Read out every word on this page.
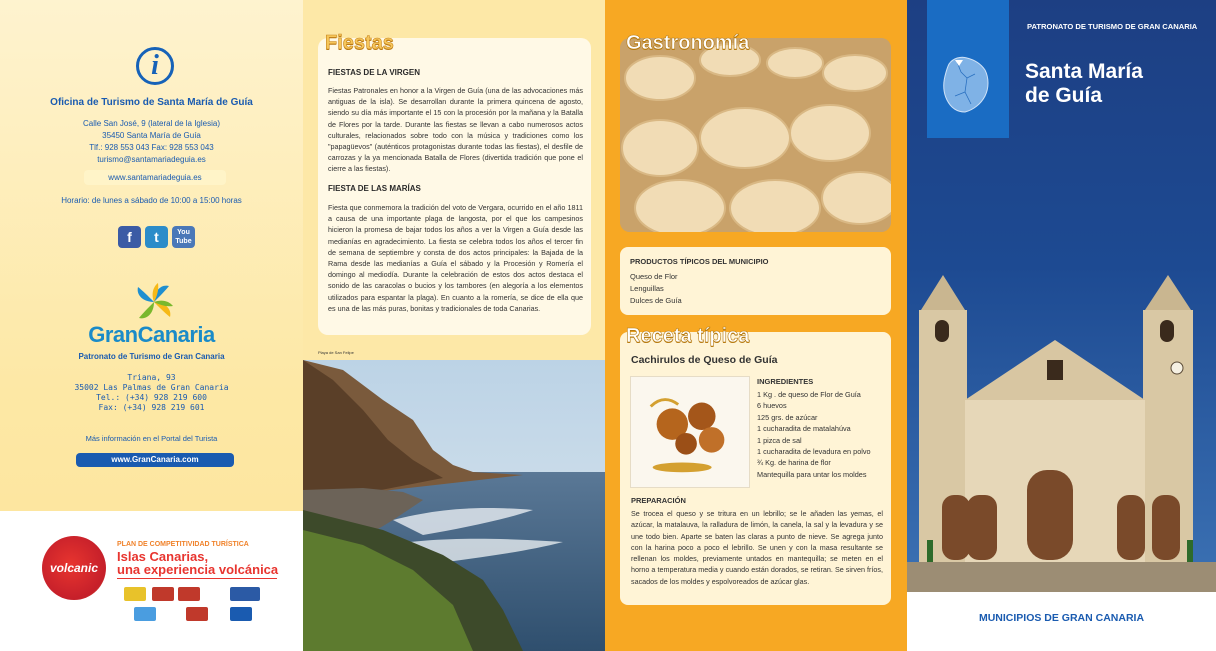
i
Oficina de Turismo de Santa María de Guía
Calle San José, 9 (lateral de la Iglesia)
35450 Santa María de Guía
Tlf.: 928 553 043 Fax: 928 553 043
turismo@santamariadeguia.es
www.santamariadeguia.es
Horario: de lunes a sábado de 10:00 a 15:00 horas
f	t	You Tube
GranCanaria
Patronato de Turismo de Gran Canaria
Triana, 93
35002 Las Palmas de Gran Canaria
Tel.: (+34) 928 219 600
Fax: (+34) 928 219 601
Más información en el Portal del Turista
www.GranCanaria.com
volcanic
PLAN DE COMPETITIVIDAD TURÍSTICA
Islas Canarias,
una experiencia volcánica
Fiestas
FIESTAS DE LA VIRGEN
Fiestas Patronales en honor a la Virgen de Guía (una de las advocaciones más antiguas de la isla). Se desarrollan durante la primera quincena de agosto, siendo su día más importante el 15 con la procesión por la mañana y la Batalla de Flores por la tarde. Durante las fiestas se llevan a cabo numerosos actos culturales, relacionados sobre todo con la música y tradiciones como los "papagüevos" (auténticos protagonistas durante todas las fiestas), el desfile de carrozas y la ya mencionada Batalla de Flores (divertida tradición que pone el cierre a las fiestas).
FIESTA DE LAS MARÍAS
Fiesta que conmemora la tradición del voto de Vergara, ocurrido en el año 1811 a causa de una importante plaga de langosta, por el que los campesinos hicieron la promesa de bajar todos los años a ver la Virgen a Guía desde las medianías en agradecimiento. La fiesta se celebra todos los años el tercer fin de semana de septiembre y consta de dos actos principales: la Bajada de la Rama desde las medianías a Guía el sábado y la Procesión y Romería el domingo al mediodía. Durante la celebración de estos dos actos destaca el sonido de las caracolas o bucios y los tambores (en alegoría a los elementos utilizados para espantar la plaga). En cuanto a la romería, se dice de ella que es una de las más puras, bonitas y tradicionales de toda Canarias.
Playa de San Felipe
Gastronomía
PRODUCTOS TÍPICOS DEL MUNICIPIO
Queso de Flor
Lenguillas
Dulces de Guía
Cachirulos de Queso de Guía
INGREDIENTES
1 Kg . de queso de Flor de Guía
6 huevos
125 grs. de azúcar
1 cucharadita de matalahúva
1 pizca de sal
1 cucharadita de levadura en polvo
¾ Kg. de harina de flor
Mantequilla para untar los moldes
PREPARACIÓN
Se trocea el queso y se tritura en un lebrillo; se le añaden las yemas, el azúcar, la matalauva, la ralladura de limón, la canela, la sal y la levadura y se une todo bien. Aparte se baten las claras a punto de nieve. Se agrega junto con la harina poco a poco el lebrillo. Se unen y con la masa resultante se rellenan los moldes, previamente untados en mantequilla; se meten en el horno a temperatura media y cuando están dorados, se retiran. Se sirven fríos, sacados de los moldes y espolvoreados de azúcar glas.
Receta típica
PATRONATO DE TURISMO DE GRAN CANARIA
Santa María
de Guía
MUNICIPIOS DE GRAN CANARIA
